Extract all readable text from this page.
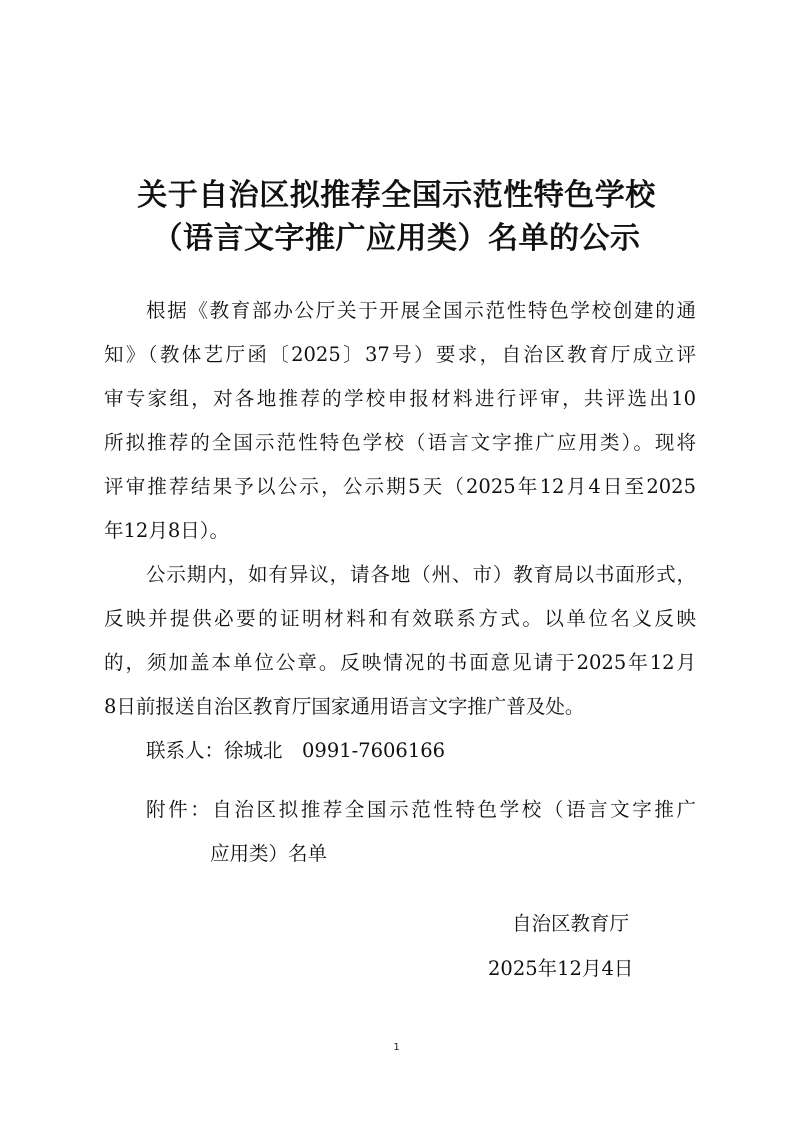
关于自治区拟推荐全国示范性特色学校
（语言文字推广应用类）名单的公示
根据《教育部办公厅关于开展全国示范性特色学校创建的通
知》（教体艺厅函〔2025〕37号）要求，自治区教育厅成立评
审专家组，对各地推荐的学校申报材料进行评审，共评选出10
所拟推荐的全国示范性特色学校（语言文字推广应用类）。现将
评审推荐结果予以公示，公示期5天（2025年12月4日至2025
年12月8日）。
公示期内，如有异议，请各地（州、市）教育局以书面形式，
反映并提供必要的证明材料和有效联系方式。以单位名义反映
的，须加盖本单位公章。反映情况的书面意见请于2025年12月
8日前报送自治区教育厅国家通用语言文字推广普及处。
联系人：徐城北　0991-7606166
附件：自治区拟推荐全国示范性特色学校（语言文字推广
应用类）名单
自治区教育厅
2025年12月4日
1
